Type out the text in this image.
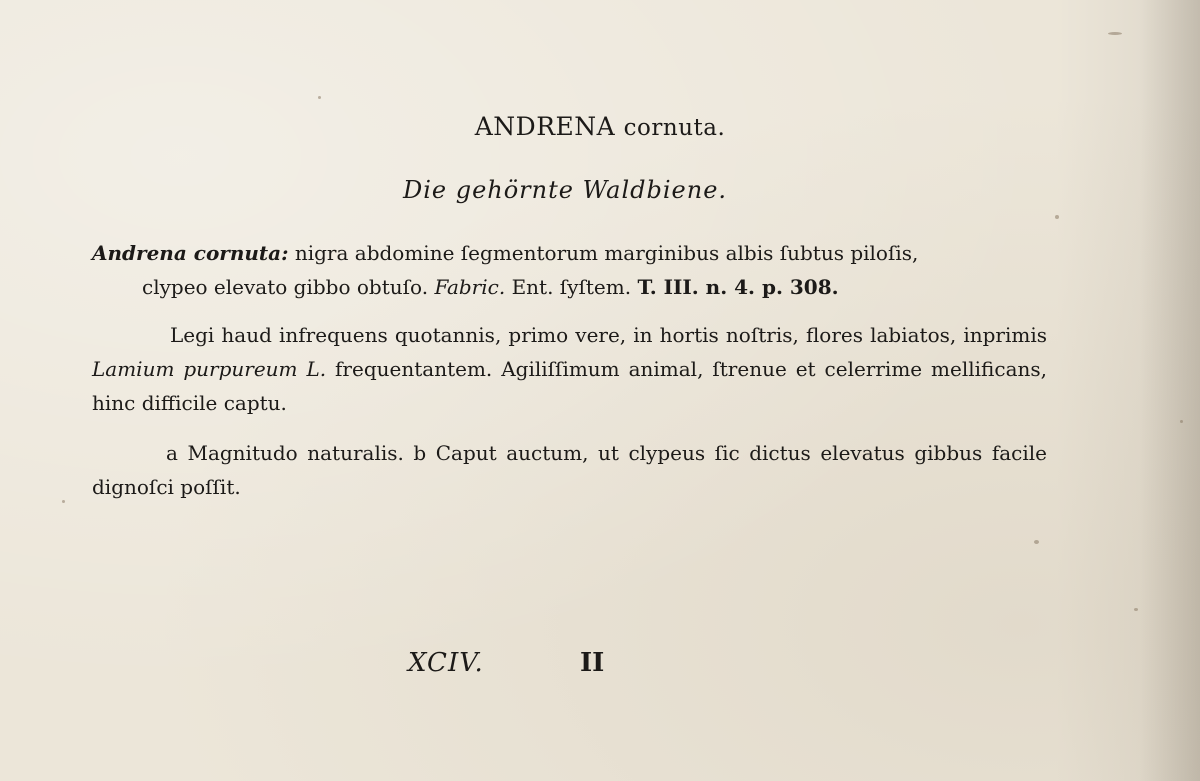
ANDRENA cornuta.
Die gehörnte Waldbiene.
Andrena cornuta: nigra abdomine ſegmentorum marginibus albis ſubtus piloſis,
clypeo elevato gibbo obtuſo. Fabric. Ent. ſyſtem. T. III. n. 4. p. 308.
Legi haud infrequens quotannis, primo vere, in hortis noſtris, flores labiatos, inprimis Lamium purpureum L. frequentantem. Agiliſſimum animal, ſtrenue et celerrime mellificans, hinc difficile captu.
a Magnitudo naturalis. b Caput auctum, ut clypeus ſic dictus elevatus gibbus facile dignoſci poſſit.
XCIV.	II
